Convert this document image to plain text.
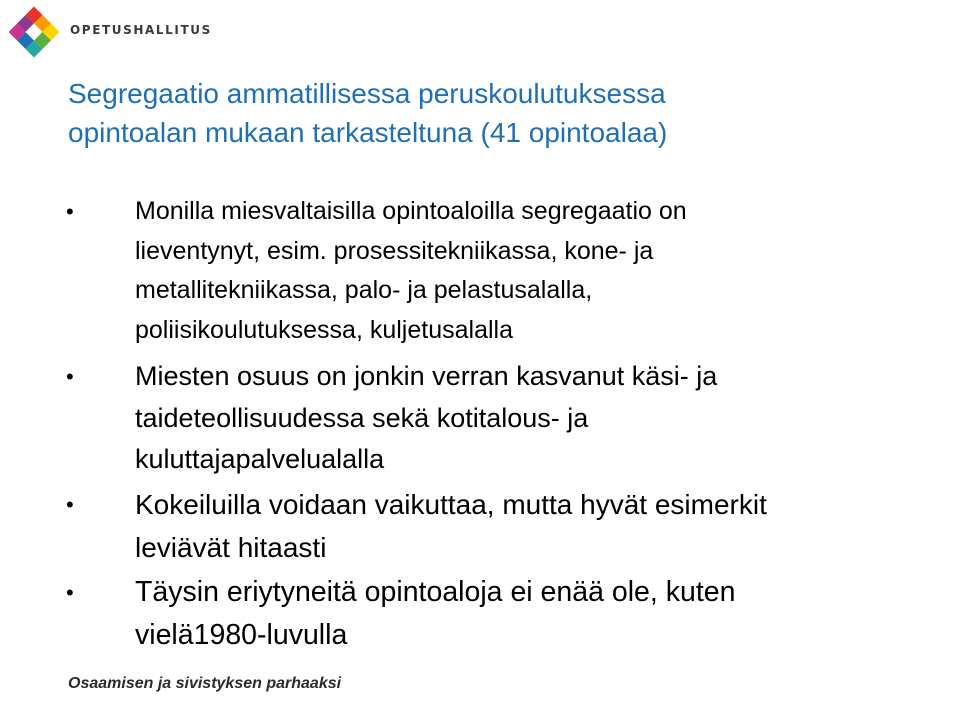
OPETUSHALLITUS
Segregaatio ammatillisessa peruskoulutuksessa
opintoalan mukaan tarkasteltuna (41 opintoalaa)
•	Monilla miesvaltaisilla opintoaloilla segregaatio on
lieventynyt, esim. prosessitekniikassa, kone- ja
metallitekniikassa, palo- ja pelastusalalla,
poliisikoulutuksessa, kuljetusalalla
•	Miesten osuus on jonkin verran kasvanut käsi- ja
taideteollisuudessa sekä kotitalous- ja
kuluttajapalvelualalla
•	Kokeiluilla voidaan vaikuttaa, mutta hyvät esimerkit
leviävät hitaasti
•	Täysin eriytyneitä opintoaloja ei enää ole, kuten
vielä1980-luvulla
Osaamisen ja sivistyksen parhaaksi
